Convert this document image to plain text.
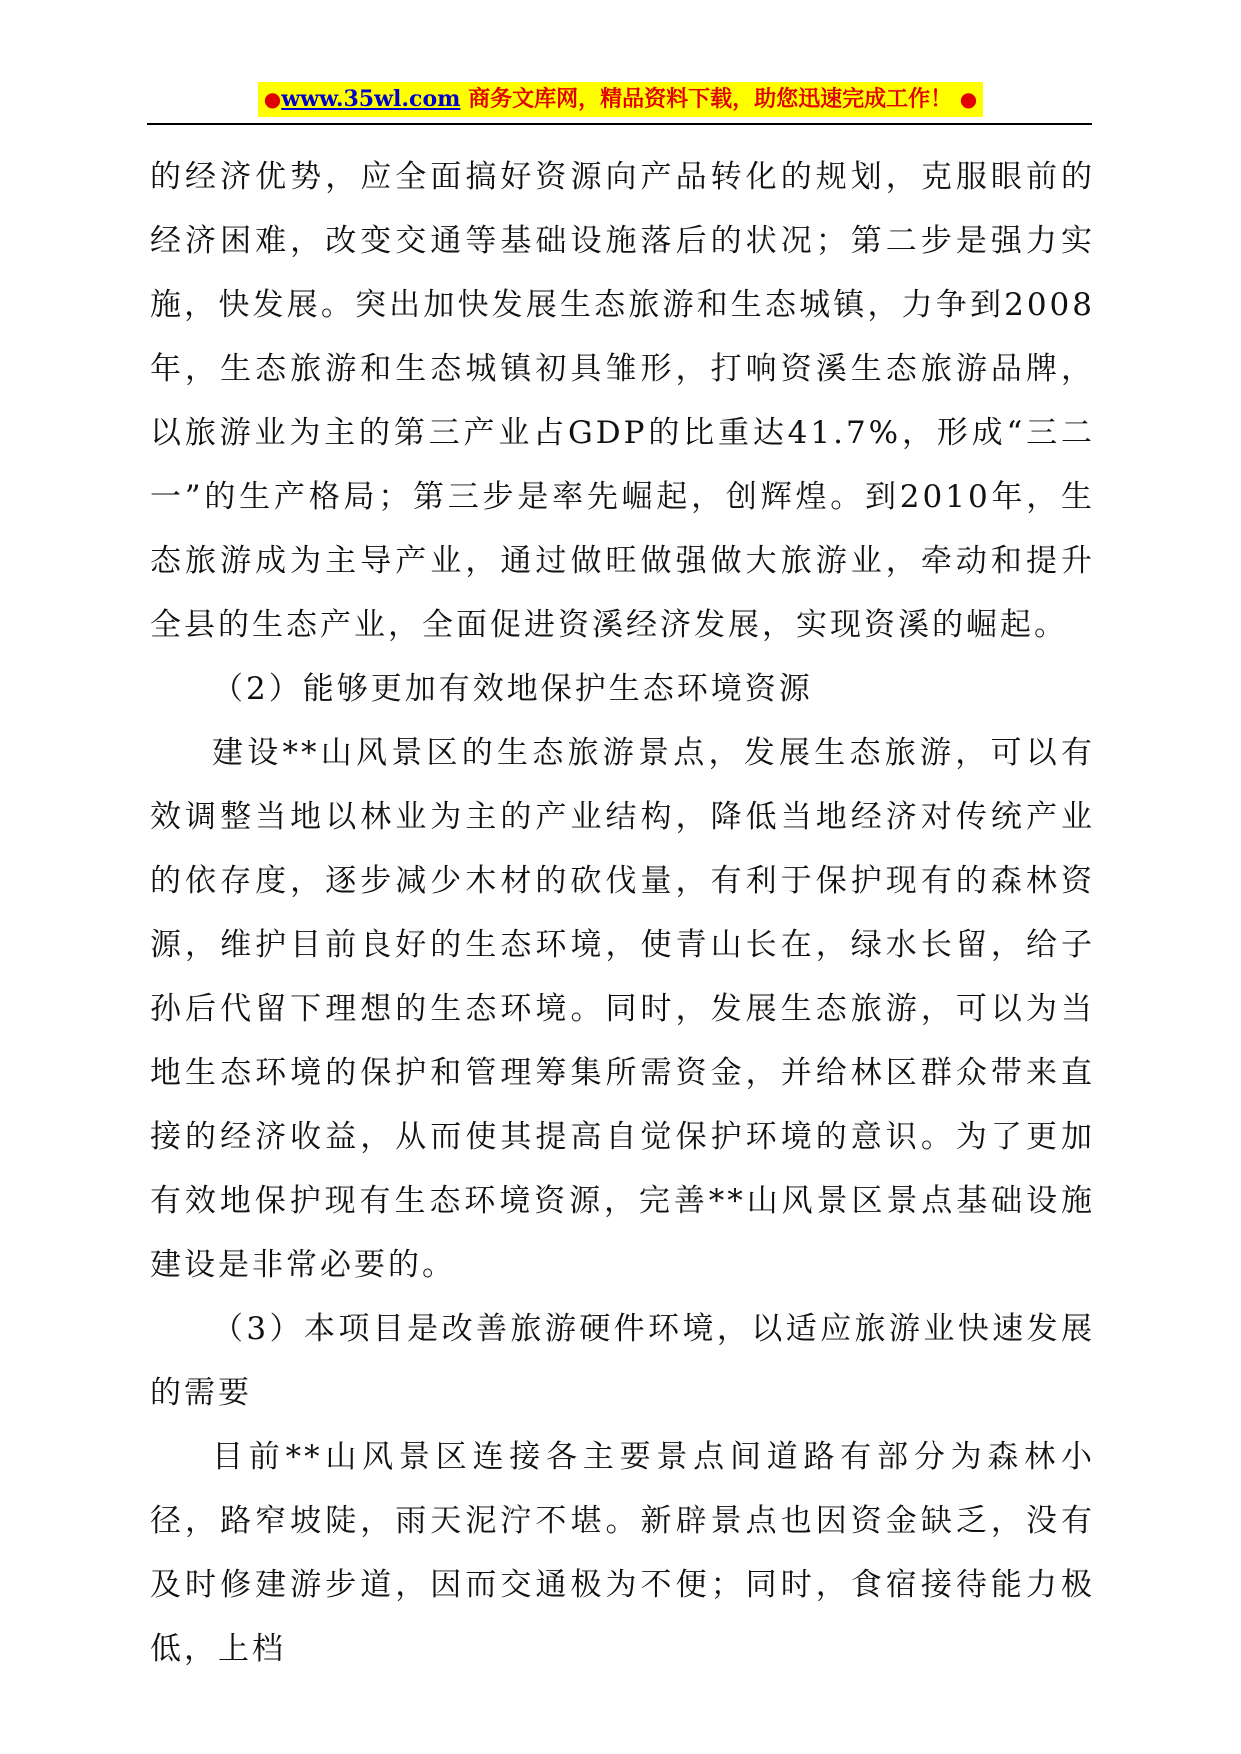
●www.35wl.com 商务文库网，精品资料下载，助您迅速完成工作！ ●

的经济优势，应全面搞好资源向产品转化的规划，克服眼前的经济困难，改变交通等基础设施落后的状况；第二步是强力实施，快发展。突出加快发展生态旅游和生态城镇，力争到2008年，生态旅游和生态城镇初具雏形，打响资溪生态旅游品牌，以旅游业为主的第三产业占GDP的比重达41.7%，形成“三二一”的生产格局；第三步是率先崛起，创辉煌。到2010年，生态旅游成为主导产业，通过做旺做强做大旅游业，牵动和提升全县的生态产业，全面促进资溪经济发展，实现资溪的崛起。

（2）能够更加有效地保护生态环境资源

建设**山风景区的生态旅游景点，发展生态旅游，可以有效调整当地以林业为主的产业结构，降低当地经济对传统产业的依存度，逐步减少木材的砍伐量，有利于保护现有的森林资源，维护目前良好的生态环境，使青山长在，绿水长留，给子孙后代留下理想的生态环境。同时，发展生态旅游，可以为当地生态环境的保护和管理筹集所需资金，并给林区群众带来直接的经济收益，从而使其提高自觉保护环境的意识。为了更加有效地保护现有生态环境资源，完善**山风景区景点基础设施建设是非常必要的。

（3）本项目是改善旅游硬件环境，以适应旅游业快速发展的需要

目前**山风景区连接各主要景点间道路有部分为森林小径，路窄坡陡，雨天泥泞不堪。新辟景点也因资金缺乏，没有及时修建游步道，因而交通极为不便；同时，食宿接待能力极低，上档
